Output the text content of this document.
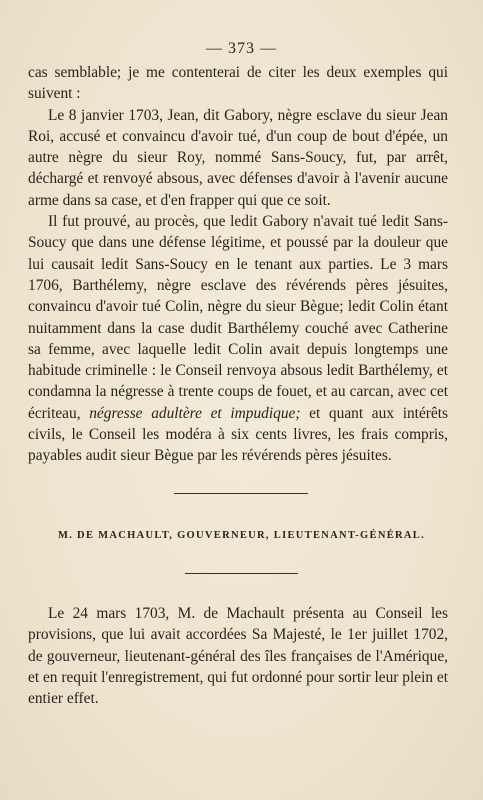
— 373 —

cas semblable; je me contenterai de citer les deux exemples qui suivent :

Le 8 janvier 1703, Jean, dit Gabory, nègre esclave du sieur Jean Roi, accusé et convaincu d'avoir tué, d'un coup de bout d'épée, un autre nègre du sieur Roy, nommé Sans-Soucy, fut, par arrêt, déchargé et renvoyé absous, avec défenses d'avoir à l'avenir aucune arme dans sa case, et d'en frapper qui que ce soit.

Il fut prouvé, au procès, que ledit Gabory n'avait tué ledit Sans-Soucy que dans une défense légitime, et poussé par la douleur que lui causait ledit Sans-Soucy en le tenant aux parties. Le 3 mars 1706, Barthélemy, nègre esclave des révérends pères jésuites, convaincu d'avoir tué Colin, nègre du sieur Bègue; ledit Colin étant nuitamment dans la case dudit Barthélemy couché avec Catherine sa femme, avec laquelle ledit Colin avait depuis longtemps une habitude criminelle : le Conseil renvoya absous ledit Barthélemy, et condamna la négresse à trente coups de fouet, et au carcan, avec cet écriteau, négresse adultère et impudique; et quant aux intérêts civils, le Conseil les modéra à six cents livres, les frais compris, payables audit sieur Bègue par les révérends pères jésuites.

M. DE MACHAULT, GOUVERNEUR, LIEUTENANT-GÉNÉRAL.

Le 24 mars 1703, M. de Machault présenta au Conseil les provisions, que lui avait accordées Sa Majesté, le 1er juillet 1702, de gouverneur, lieutenant-général des îles françaises de l'Amérique, et en requit l'enregistrement, qui fut ordonné pour sortir leur plein et entier effet.
